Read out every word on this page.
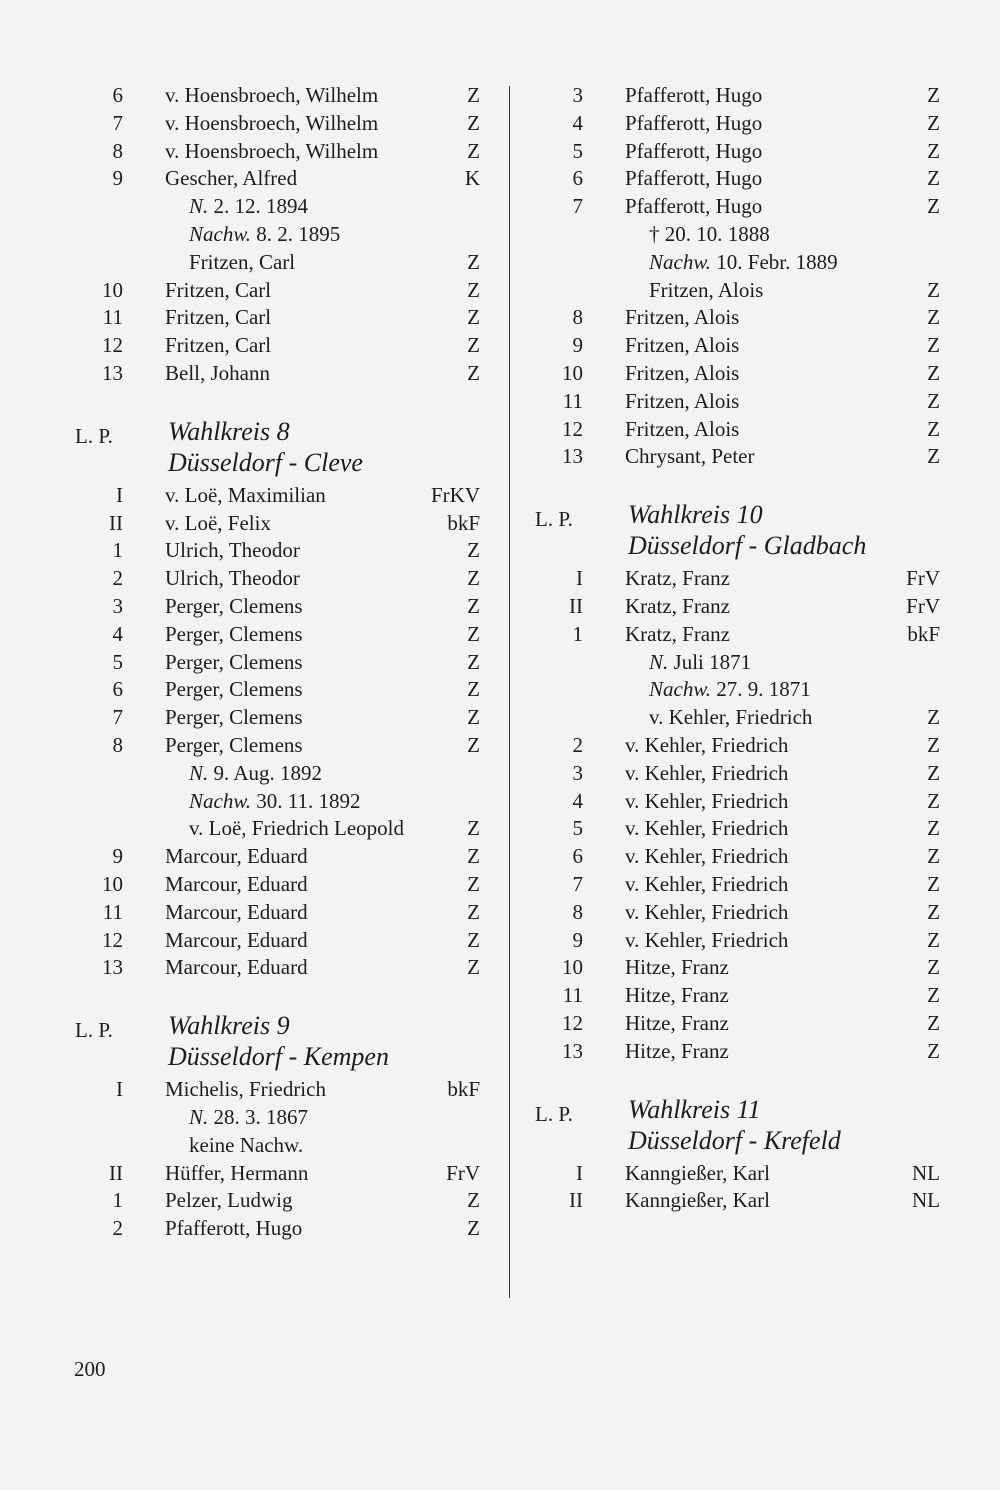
6 v. Hoensbroech, Wilhelm	Z
7 v. Hoensbroech, Wilhelm	Z
8 v. Hoensbroech, Wilhelm	Z
9 Gescher, Alfred	K
N. 2. 12. 1894
Nachw. 8. 2. 1895
Fritzen, Carl	Z
10 Fritzen, Carl	Z
11 Fritzen, Carl	Z
12 Fritzen, Carl	Z
13 Bell, Johann	Z
L. P. Wahlkreis 8
Düsseldorf - Cleve
I v. Loë, Maximilian	FrKV
II v. Loë, Felix	bkF
1 Ulrich, Theodor	Z
2 Ulrich, Theodor	Z
3 Perger, Clemens	Z
4 Perger, Clemens	Z
5 Perger, Clemens	Z
6 Perger, Clemens	Z
7 Perger, Clemens	Z
8 Perger, Clemens	Z
N. 9. Aug. 1892
Nachw. 30. 11. 1892
v. Loë, Friedrich Leopold	Z
9 Marcour, Eduard	Z
10 Marcour, Eduard	Z
11 Marcour, Eduard	Z
12 Marcour, Eduard	Z
13 Marcour, Eduard	Z
L. P. Wahlkreis 9
Düsseldorf - Kempen
I Michelis, Friedrich	bkF
N. 28. 3. 1867
keine Nachw.
II Hüffer, Hermann	FrV
1 Pelzer, Ludwig	Z
2 Pfafferott, Hugo	Z
3 Pfafferott, Hugo	Z
4 Pfafferott, Hugo	Z
5 Pfafferott, Hugo	Z
6 Pfafferott, Hugo	Z
7 Pfafferott, Hugo	Z
† 20. 10. 1888
Nachw. 10. Febr. 1889
Fritzen, Alois	Z
8 Fritzen, Alois	Z
9 Fritzen, Alois	Z
10 Fritzen, Alois	Z
11 Fritzen, Alois	Z
12 Fritzen, Alois	Z
13 Chrysant, Peter	Z
L. P. Wahlkreis 10
Düsseldorf - Gladbach
I Kratz, Franz	FrV
II Kratz, Franz	FrV
1 Kratz, Franz	bkF
N. Juli 1871
Nachw. 27. 9. 1871
v. Kehler, Friedrich	Z
2 v. Kehler, Friedrich	Z
3 v. Kehler, Friedrich	Z
4 v. Kehler, Friedrich	Z
5 v. Kehler, Friedrich	Z
6 v. Kehler, Friedrich	Z
7 v. Kehler, Friedrich	Z
8 v. Kehler, Friedrich	Z
9 v. Kehler, Friedrich	Z
10 Hitze, Franz	Z
11 Hitze, Franz	Z
12 Hitze, Franz	Z
13 Hitze, Franz	Z
L. P. Wahlkreis 11
Düsseldorf - Krefeld
I Kanngießer, Karl	NL
II Kanngießer, Karl	NL
200
